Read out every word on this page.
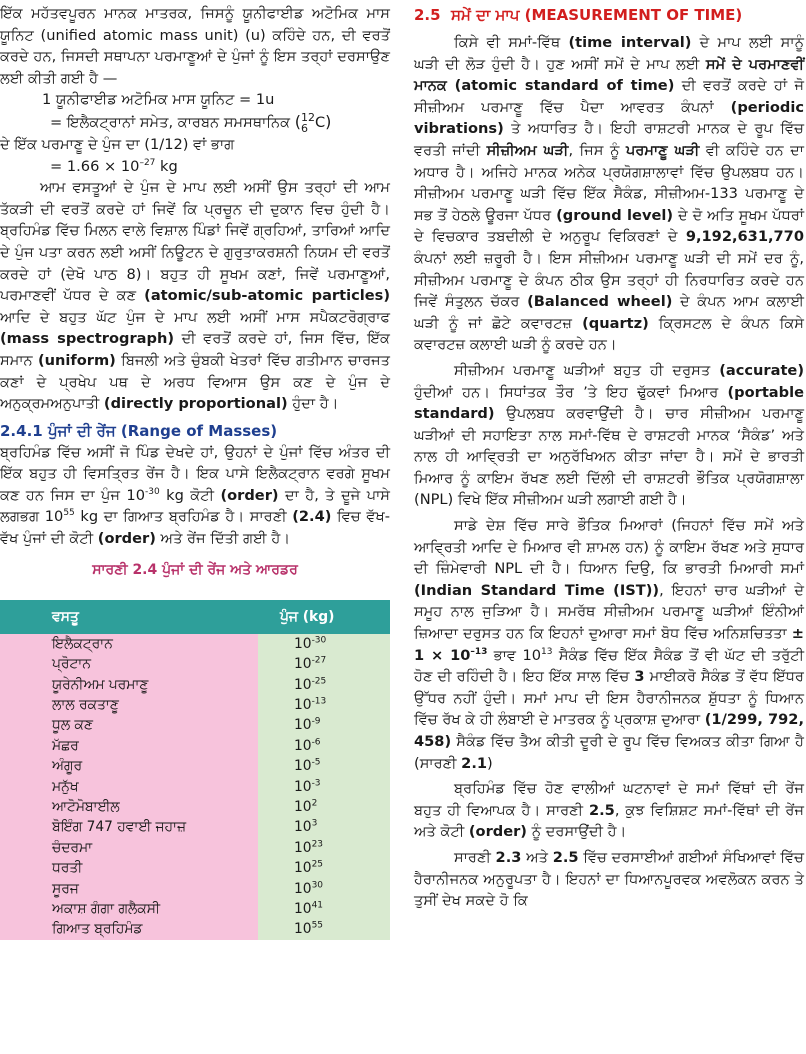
ਇੱਕ ਮਹੱਤਵਪੂਰਨ ਮਾਨਕ ਮਾਤਰਕ, ਜਿਸਨੂੰ ਯੂਨੀਫਾਈਡ ਅਟੋਮਿਕ ਮਾਸ ਯੂਨਿਟ (unified atomic mass unit) (u) ਕਹਿੰਦੇ ਹਨ, ਦੀ ਵਰਤੋਂ ਕਰਦੇ ਹਨ, ਜਿਸਦੀ ਸਥਾਪਨਾ ਪਰਮਾਣੂਆਂ ਦੇ ਪੁੰਜਾਂ ਨੂੰ ਇਸ ਤਰ੍ਹਾਂ ਦਰਸਾਉਣ ਲਈ ਕੀਤੀ ਗਈ ਹੈ —

1 ਯੂਨੀਫਾਈਡ ਅਟੋਮਿਕ ਮਾਸ ਯੂਨਿਟ = 1u

= ਇਲੈਕਟ੍ਰਾਨਾਂ ਸਮੇਤ, ਕਾਰਬਨ ਸਮਸਥਾਨਿਕ (12
6 C)

ਦੇ ਇੱਕ ਪਰਮਾਣੂ ਦੇ ਪੁੰਜ ਦਾ (1/12) ਵਾਂ ਭਾਗ

= $1.66 \times 10^{-27}$ kg

ਆਮ ਵਸਤੂਆਂ ਦੇ ਪੁੰਜ ਦੇ ਮਾਪ ਲਈ ਅਸੀਂ ਉਸ ਤਰ੍ਹਾਂ ਦੀ ਆਮ ਤੱਕੜੀ ਦੀ ਵਰਤੋਂ ਕਰਦੇ ਹਾਂ ਜਿਵੇਂ ਕਿ ਪ੍ਰਚੂਨ ਦੀ ਦੁਕਾਨ ਵਿਚ ਹੁੰਦੀ ਹੈ। ਬ੍ਰਹਿਮੰਡ ਵਿੱਚ ਮਿਲਨ ਵਾਲੇ ਵਿਸ਼ਾਲ ਪਿੰਡਾਂ ਜਿਵੇਂ ਗ੍ਰਹਿਆਂ, ਤਾਰਿਆਂ ਆਦਿ ਦੇ ਪੁੰਜ ਪਤਾ ਕਰਨ ਲਈ ਅਸੀਂ ਨਿਊਟਨ ਦੇ ਗੁਰੁਤਾਕਰਸ਼ਨੀ ਨਿਯਮ ਦੀ ਵਰਤੋਂ ਕਰਦੇ ਹਾਂ (ਦੇਖੋ ਪਾਠ 8)। ਬਹੁਤ ਹੀ ਸੂਖਮ ਕਣਾਂ, ਜਿਵੇਂ ਪਰਮਾਣੂਆਂ, ਪਰਮਾਣਵੀਂ ਪੱਧਰ ਦੇ ਕਣ (atomic/sub-atomic particles) ਆਦਿ ਦੇ ਬਹੁਤ ਘੱਟ ਪੁੰਜ ਦੇ ਮਾਪ ਲਈ ਅਸੀਂ ਮਾਸ ਸਪੈਕਟਰੋਗ੍ਰਾਫ (mass spectrograph) ਦੀ ਵਰਤੋਂ ਕਰਦੇ ਹਾਂ, ਜਿਸ ਵਿੱਚ, ਇੱਕ ਸਮਾਨ (uniform) ਬਿਜਲੀ ਅਤੇ ਚੁੰਬਕੀ ਖੇਤਰਾਂ ਵਿੱਚ ਗਤੀਮਾਨ ਚਾਰਜਤ ਕਣਾਂ ਦੇ ਪ੍ਰਖੇਪ ਪਥ ਦੇ ਅਰਧ ਵਿਆਸ ਉਸ ਕਣ ਦੇ ਪੁੰਜ ਦੇ ਅਨੁਕ੍ਰਮਅਨੁਪਾਤੀ (directly proportional) ਹੁੰਦਾ ਹੈ।

2.4.1 ਪੁੰਜਾਂ ਦੀ ਰੇਂਜ (Range of Masses)

ਬ੍ਰਹਿਮੰਡ ਵਿੱਚ ਅਸੀਂ ਜੋ ਪਿੰਡ ਦੇਖਦੇ ਹਾਂ, ਉਹਨਾਂ ਦੇ ਪੁੰਜਾਂ ਵਿੱਚ ਅੰਤਰ ਦੀ ਇੱਕ ਬਹੁਤ ਹੀ ਵਿਸਤ੍ਰਿਤ ਰੇਂਜ ਹੈ। ਇਕ ਪਾਸੇ ਇਲੈਕਟ੍ਰਾਨ ਵਰਗੇ ਸੂਖਮ ਕਣ ਹਨ ਜਿਸ ਦਾ ਪੁੰਜ $10^{-30}$ kg ਕੋਟੀ (order) ਦਾ ਹੈ, ਤੇ ਦੂਜੇ ਪਾਸੇ ਲਗਭਗ $10^{55}$ kg ਦਾ ਗਿਆਤ ਬ੍ਰਹਿਮੰਡ ਹੈ। ਸਾਰਣੀ (2.4) ਵਿਚ ਵੱਖ-ਵੱਖ ਪੁੰਜਾਂ ਦੀ ਕੋਟੀ (order) ਅਤੇ ਰੇਂਜ ਦਿੱਤੀ ਗਈ ਹੈ।

ਸਾਰਣੀ 2.4 ਪੁੰਜਾਂ ਦੀ ਰੇਂਜ ਅਤੇ ਆਰਡਰ
ਵਸਤੂ	ਪੁੰਜ (kg)
ਇਲੈਕਟ੍ਰਾਨ	$10^{-30}$
ਪ੍ਰੋਟਾਨ	$10^{-27}$
ਯੂਰੇਨੀਅਮ ਪਰਮਾਣੂ	$10^{-25}$
ਲਾਲ ਰਕਤਾਣੂ	$10^{-13}$
ਧੂਲ ਕਣ	$10^{-9}$
ਮੱਛਰ	$10^{-6}$
ਅੰਗੂਰ	$10^{-5}$
ਮਨੁੱਖ	$10^{-3}$
ਆਟੋਮੋਬਾਈਲ	$10^2$
ਬੋਇੰਗ 747 ਹਵਾਈ ਜਹਾਜ਼	$10^3$
ਚੰਦਰਮਾ	$10^{23}$
ਧਰਤੀ	$10^{25}$
ਸੂਰਜ	$10^{30}$
ਅਕਾਸ਼ ਗੰਗਾ ਗਲੈਕਸੀ	$10^{41}$
ਗਿਆਤ ਬ੍ਰਹਿਮੰਡ	$10^{55}$
2.5 ਸਮੇਂ ਦਾ ਮਾਪ (MEASUREMENT OF TIME)

ਕਿਸੇ ਵੀ ਸਮਾਂ-ਵਿੱਥ (time interval) ਦੇ ਮਾਪ ਲਈ ਸਾਨੂੰ ਘੜੀ ਦੀ ਲੋੜ ਹੁੰਦੀ ਹੈ। ਹੁਣ ਅਸੀਂ ਸਮੇਂ ਦੇ ਮਾਪ ਲਈ ਸਮੇਂ ਦੇ ਪਰਮਾਣਵੀਂ ਮਾਨਕ (atomic standard of time) ਦੀ ਵਰਤੋਂ ਕਰਦੇ ਹਾਂ ਜੋ ਸੀਜ਼ੀਅਮ ਪਰਮਾਣੂ ਵਿੱਚ ਪੈਦਾ ਆਵਰਤ ਕੰਪਨਾਂ (periodic vibrations) ਤੇ ਅਧਾਰਿਤ ਹੈ। ਇਹੀ ਰਾਸ਼ਟਰੀ ਮਾਨਕ ਦੇ ਰੂਪ ਵਿੱਚ ਵਰਤੀ ਜਾਂਦੀ ਸੀਜ਼ੀਅਮ ਘੜੀ, ਜਿਸ ਨੂੰ ਪਰਮਾਣੂ ਘੜੀ ਵੀ ਕਹਿੰਦੇ ਹਨ ਦਾ ਅਧਾਰ ਹੈ। ਅਜਿਹੇ ਮਾਨਕ ਅਨੇਕ ਪ੍ਰਯੋਗਸ਼ਾਲਾਵਾਂ ਵਿੱਚ ਉਪਲਬਧ ਹਨ। ਸੀਜ਼ੀਅਮ ਪਰਮਾਣੂ ਘੜੀ ਵਿੱਚ ਇੱਕ ਸੈਕੰਡ, ਸੀਜ਼ੀਅਮ-133 ਪਰਮਾਣੂ ਦੇ ਸਭ ਤੋਂ ਹੇਠਲੇ ਊਰਜਾ ਪੱਧਰ (ground level) ਦੇ ਦੋ ਅਤਿ ਸੂਖਮ ਪੱਧਰਾਂ ਦੇ ਵਿਚਕਾਰ ਤਬਦੀਲੀ ਦੇ ਅਨੁਰੂਪ ਵਿਕਿਰਣਾਂ ਦੇ 9,192,631,770 ਕੰਪਨਾਂ ਲਈ ਜ਼ਰੂਰੀ ਹੈ। ਇਸ ਸੀਜ਼ੀਅਮ ਪਰਮਾਣੂ ਘੜੀ ਦੀ ਸਮੇਂ ਦਰ ਨੂੰ, ਸੀਜ਼ੀਅਮ ਪਰਮਾਣੂ ਦੇ ਕੰਪਨ ਠੀਕ ਉਸ ਤਰ੍ਹਾਂ ਹੀ ਨਿਰਧਾਰਿਤ ਕਰਦੇ ਹਨ ਜਿਵੇਂ ਸੰਤੁਲਨ ਚੱਕਰ (Balanced wheel) ਦੇ ਕੰਪਨ ਆਮ ਕਲਾਈ ਘੜੀ ਨੂੰ ਜਾਂ ਛੋਟੇ ਕਵਾਰਟਜ਼ (quartz) ਕ੍ਰਿਸਟਲ ਦੇ ਕੰਪਨ ਕਿਸੇ ਕਵਾਰਟਜ਼ ਕਲਾਈ ਘੜੀ ਨੂੰ ਕਰਦੇ ਹਨ।

ਸੀਜ਼ੀਅਮ ਪਰਮਾਣੂ ਘੜੀਆਂ ਬਹੁਤ ਹੀ ਦਰੁਸਤ (accurate) ਹੁੰਦੀਆਂ ਹਨ। ਸਿਧਾਂਤਕ ਤੌਰ ’ਤੇ ਇਹ ਢੁੱਕਵਾਂ ਮਿਆਰ (portable standard) ਉਪਲਬਧ ਕਰਵਾਉਂਦੀ ਹੈ। ਚਾਰ ਸੀਜ਼ੀਅਮ ਪਰਮਾਣੂ ਘੜੀਆਂ ਦੀ ਸਹਾਇਤਾ ਨਾਲ ਸਮਾਂ-ਵਿੱਥ ਦੇ ਰਾਸ਼ਟਰੀ ਮਾਨਕ ‘ਸੈਕੰਡ’ ਅਤੇ ਨਾਲ ਹੀ ਆਵ੍ਰਿਤੀ ਦਾ ਅਨੁਰੱਖਿਅਨ ਕੀਤਾ ਜਾਂਦਾ ਹੈ। ਸਮੇਂ ਦੇ ਭਾਰਤੀ ਮਿਆਰ ਨੂੰ ਕਾਇਮ ਰੱਖਣ ਲਈ ਦਿੱਲੀ ਦੀ ਰਾਸ਼ਟਰੀ ਭੌਤਿਕ ਪ੍ਰਯੋਗਸ਼ਾਲਾ (NPL) ਵਿਖੇ ਇੱਕ ਸੀਜ਼ੀਅਮ ਘੜੀ ਲਗਾਈ ਗਈ ਹੈ।

ਸਾਡੇ ਦੇਸ਼ ਵਿੱਚ ਸਾਰੇ ਭੌਤਿਕ ਮਿਆਰਾਂ (ਜਿਹਨਾਂ ਵਿੱਚ ਸਮੇਂ ਅਤੇ ਆਵ੍ਰਿਤੀ ਆਦਿ ਦੇ ਮਿਆਰ ਵੀ ਸ਼ਾਮਲ ਹਨ) ਨੂੰ ਕਾਇਮ ਰੱਖਣ ਅਤੇ ਸੁਧਾਰ ਦੀ ਜ਼ਿੰਮੇਵਾਰੀ NPL ਦੀ ਹੈ। ਧਿਆਨ ਦਿਉ, ਕਿ ਭਾਰਤੀ ਮਿਆਰੀ ਸਮਾਂ (Indian Standard Time (IST)), ਇਹਨਾਂ ਚਾਰ ਘੜੀਆਂ ਦੇ ਸਮੂਹ ਨਾਲ ਜੁੜਿਆ ਹੈ। ਸਮਰੱਥ ਸੀਜ਼ੀਅਮ ਪਰਮਾਣੂ ਘੜੀਆਂ ਇੰਨੀਆਂ ਜ਼ਿਆਦਾ ਦਰੁਸਤ ਹਨ ਕਿ ਇਹਨਾਂ ਦੁਆਰਾ ਸਮਾਂ ਬੋਧ ਵਿੱਚ ਅਨਿਸ਼ਚਿਤਤਾ ± $1 \times 10^{-13}$ ਭਾਵ $10^{13}$ ਸੈਕੰਡ ਵਿੱਚ ਇੱਕ ਸੈਕੰਡ ਤੋਂ ਵੀ ਘੱਟ ਦੀ ਤਰੁੱਟੀ ਹੋਣ ਦੀ ਰਹਿੰਦੀ ਹੈ। ਇਹ ਇੱਕ ਸਾਲ ਵਿੱਚ 3 ਮਾਈਕਰੋ ਸੈਕੰਡ ਤੋਂ ਵੱਧ ਇੱਧਰ ਉੱਧਰ ਨਹੀਂ ਹੁੰਦੀ। ਸਮਾਂ ਮਾਪ ਦੀ ਇਸ ਹੈਰਾਨੀਜਨਕ ਸ਼ੁੱਧਤਾ ਨੂੰ ਧਿਆਨ ਵਿੱਚ ਰੱਖ ਕੇ ਹੀ ਲੰਬਾਈ ਦੇ ਮਾਤਰਕ ਨੂੰ ਪ੍ਰਕਾਸ਼ ਦੁਆਰਾ (1/299, 792, 458) ਸੈਕੰਡ ਵਿੱਚ ਤੈਅ ਕੀਤੀ ਦੂਰੀ ਦੇ ਰੂਪ ਵਿੱਚ ਵਿਅਕਤ ਕੀਤਾ ਗਿਆ ਹੈ (ਸਾਰਣੀ 2.1)

ਬ੍ਰਹਿਮੰਡ ਵਿੱਚ ਹੋਣ ਵਾਲੀਆਂ ਘਟਨਾਵਾਂ ਦੇ ਸਮਾਂ ਵਿੱਥਾਂ ਦੀ ਰੇਂਜ ਬਹੁਤ ਹੀ ਵਿਆਪਕ ਹੈ। ਸਾਰਣੀ 2.5, ਕੁਝ ਵਿਸ਼ਿਸ਼ਟ ਸਮਾਂ-ਵਿੱਥਾਂ ਦੀ ਰੇਂਜ ਅਤੇ ਕੋਟੀ (order) ਨੂੰ ਦਰਸਾਉਂਦੀ ਹੈ।

ਸਾਰਣੀ 2.3 ਅਤੇ 2.5 ਵਿੱਚ ਦਰਸਾਈਆਂ ਗਈਆਂ ਸੰਖਿਆਵਾਂ ਵਿੱਚ ਹੈਰਾਨੀਜਨਕ ਅਨੁਰੂਪਤਾ ਹੈ। ਇਹਨਾਂ ਦਾ ਧਿਆਨਪੂਰਵਕ ਅਵਲੋਕਨ ਕਰਨ ਤੇ ਤੁਸੀਂ ਦੇਖ ਸਕਦੇ ਹੋ ਕਿ
